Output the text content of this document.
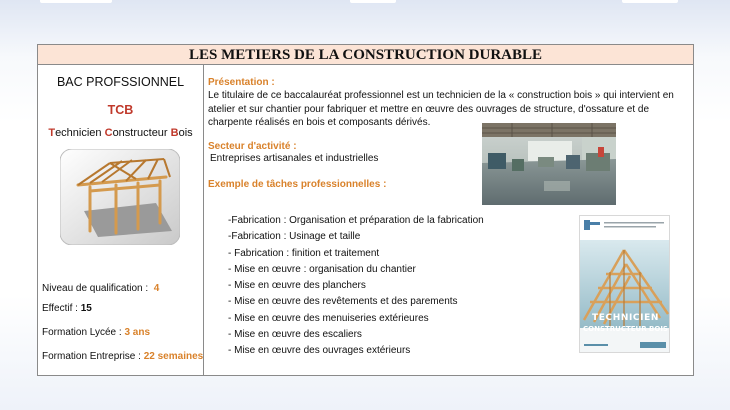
LES METIERS DE LA CONSTRUCTION DURABLE
BAC PROFSSIONNEL
TCB
Technicien Constructeur Bois
Niveau de qualification : 4
Effectif : 15
Formation Lycée : 3 ans
Formation Entreprise : 22 semaines
Présentation :
Le titulaire de ce baccalauréat professionnel est un technicien de la « construction bois » qui intervient en atelier et sur chantier pour fabriquer et mettre en œuvre des ouvrages de structure, d'ossature et de charpente réalisés en bois et composants dérivés.
Secteur d'activité :
Entreprises artisanales et industrielles
Exemple de tâches professionnelles :
-Fabrication : Organisation et préparation de la fabrication
-Fabrication : Usinage et taille
- Fabrication : finition et traitement
- Mise en œuvre : organisation du chantier
- Mise en œuvre des planchers
- Mise en œuvre des revêtements et des parements
- Mise en œuvre des menuiseries extérieures
- Mise en œuvre des escaliers
- Mise en œuvre des ouvrages extérieurs
TECHNICIEN
CONSTRUCTEUR BOIS
